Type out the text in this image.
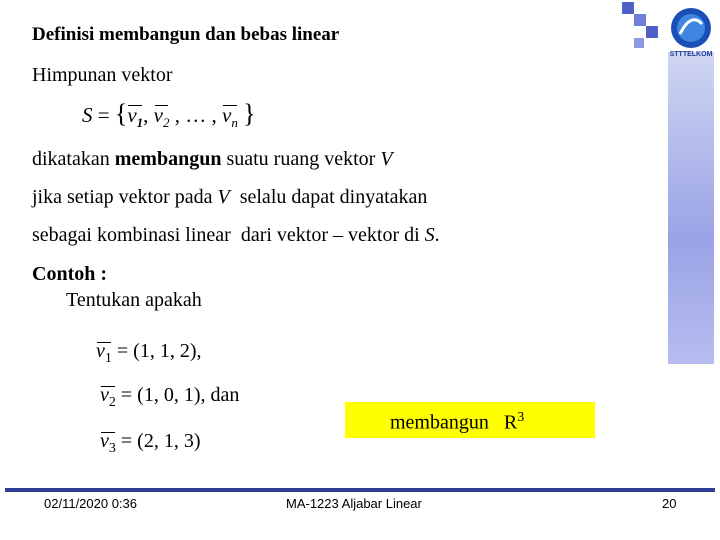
STTTELKOM
Definisi membangun dan bebas linear
Himpunan vektor
$S = \{v_1$, $v_2$ , … , $v_n$ }
dikatakan membangun suatu ruang vektor V
jika setiap vektor pada V  selalu dapat dinyatakan
sebagai kombinasi linear  dari vektor – vektor di S.
Contoh :
Tentukan apakah
$v_1 = (1$, 1, 2),
$v_2 = (1$, 0, 1), dan
$v_3 = (2$, 1, 3)
membangun   $R^3$
02/11/2020 0:36	MA-1223 Aljabar Linear	20
